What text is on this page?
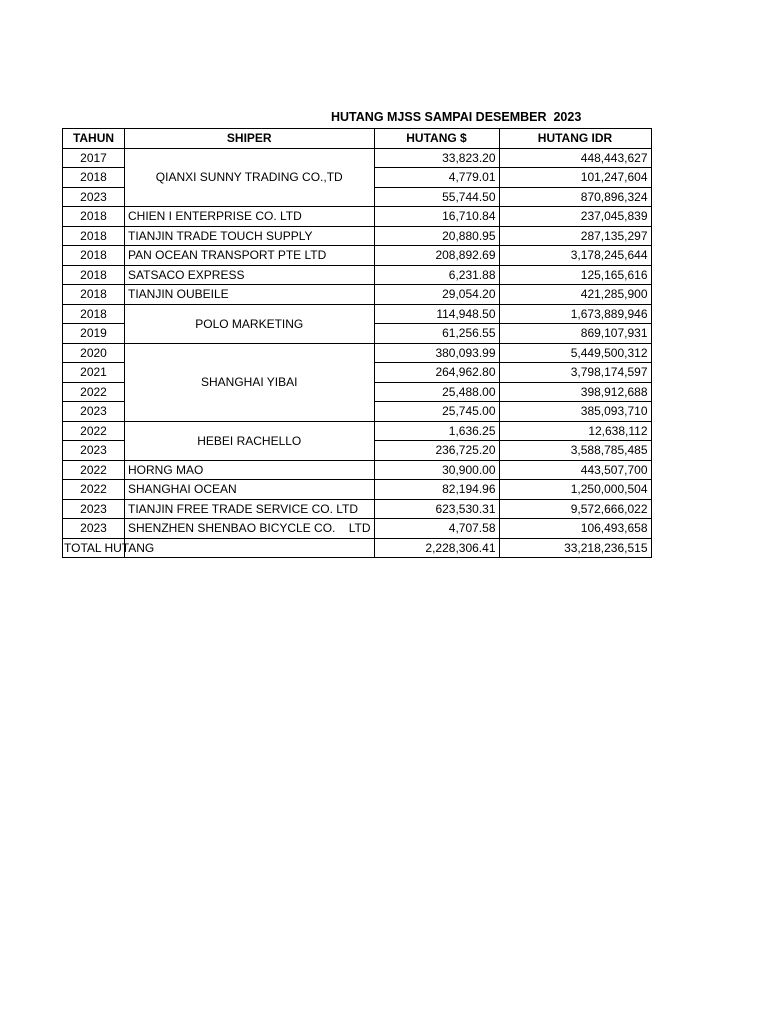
HUTANG MJSS SAMPAI DESEMBER  2023
TAHUN	SHIPER	HUTANG $	HUTANG IDR
2017	QIANXI SUNNY TRADING CO.,TD	33,823.20	448,443,627
2018		4,779.01	101,247,604
2023		55,744.50	870,896,324
2018	CHIEN I ENTERPRISE CO. LTD	16,710.84	237,045,839
2018	TIANJIN TRADE TOUCH SUPPLY	20,880.95	287,135,297
2018	PAN OCEAN TRANSPORT PTE LTD	208,892.69	3,178,245,644
2018	SATSACO EXPRESS	6,231.88	125,165,616
2018	TIANJIN OUBEILE	29,054.20	421,285,900
2018	POLO MARKETING	114,948.50	1,673,889,946
2019		61,256.55	869,107,931
2020	SHANGHAI YIBAI	380,093.99	5,449,500,312
2021		264,962.80	3,798,174,597
2022		25,488.00	398,912,688
2023		25,745.00	385,093,710
2022	HEBEI RACHELLO	1,636.25	12,638,112
2023		236,725.20	3,588,785,485
2022	HORNG MAO	30,900.00	443,507,700
2022	SHANGHAI OCEAN	82,194.96	1,250,000,504
2023	TIANJIN FREE TRADE SERVICE CO. LTD	623,530.31	9,572,666,022
2023	SHENZHEN SHENBAO BICYCLE CO.    LTD	4,707.58	106,493,658

TOTAL HUTANG		2,228,306.41	33,218,236,515
